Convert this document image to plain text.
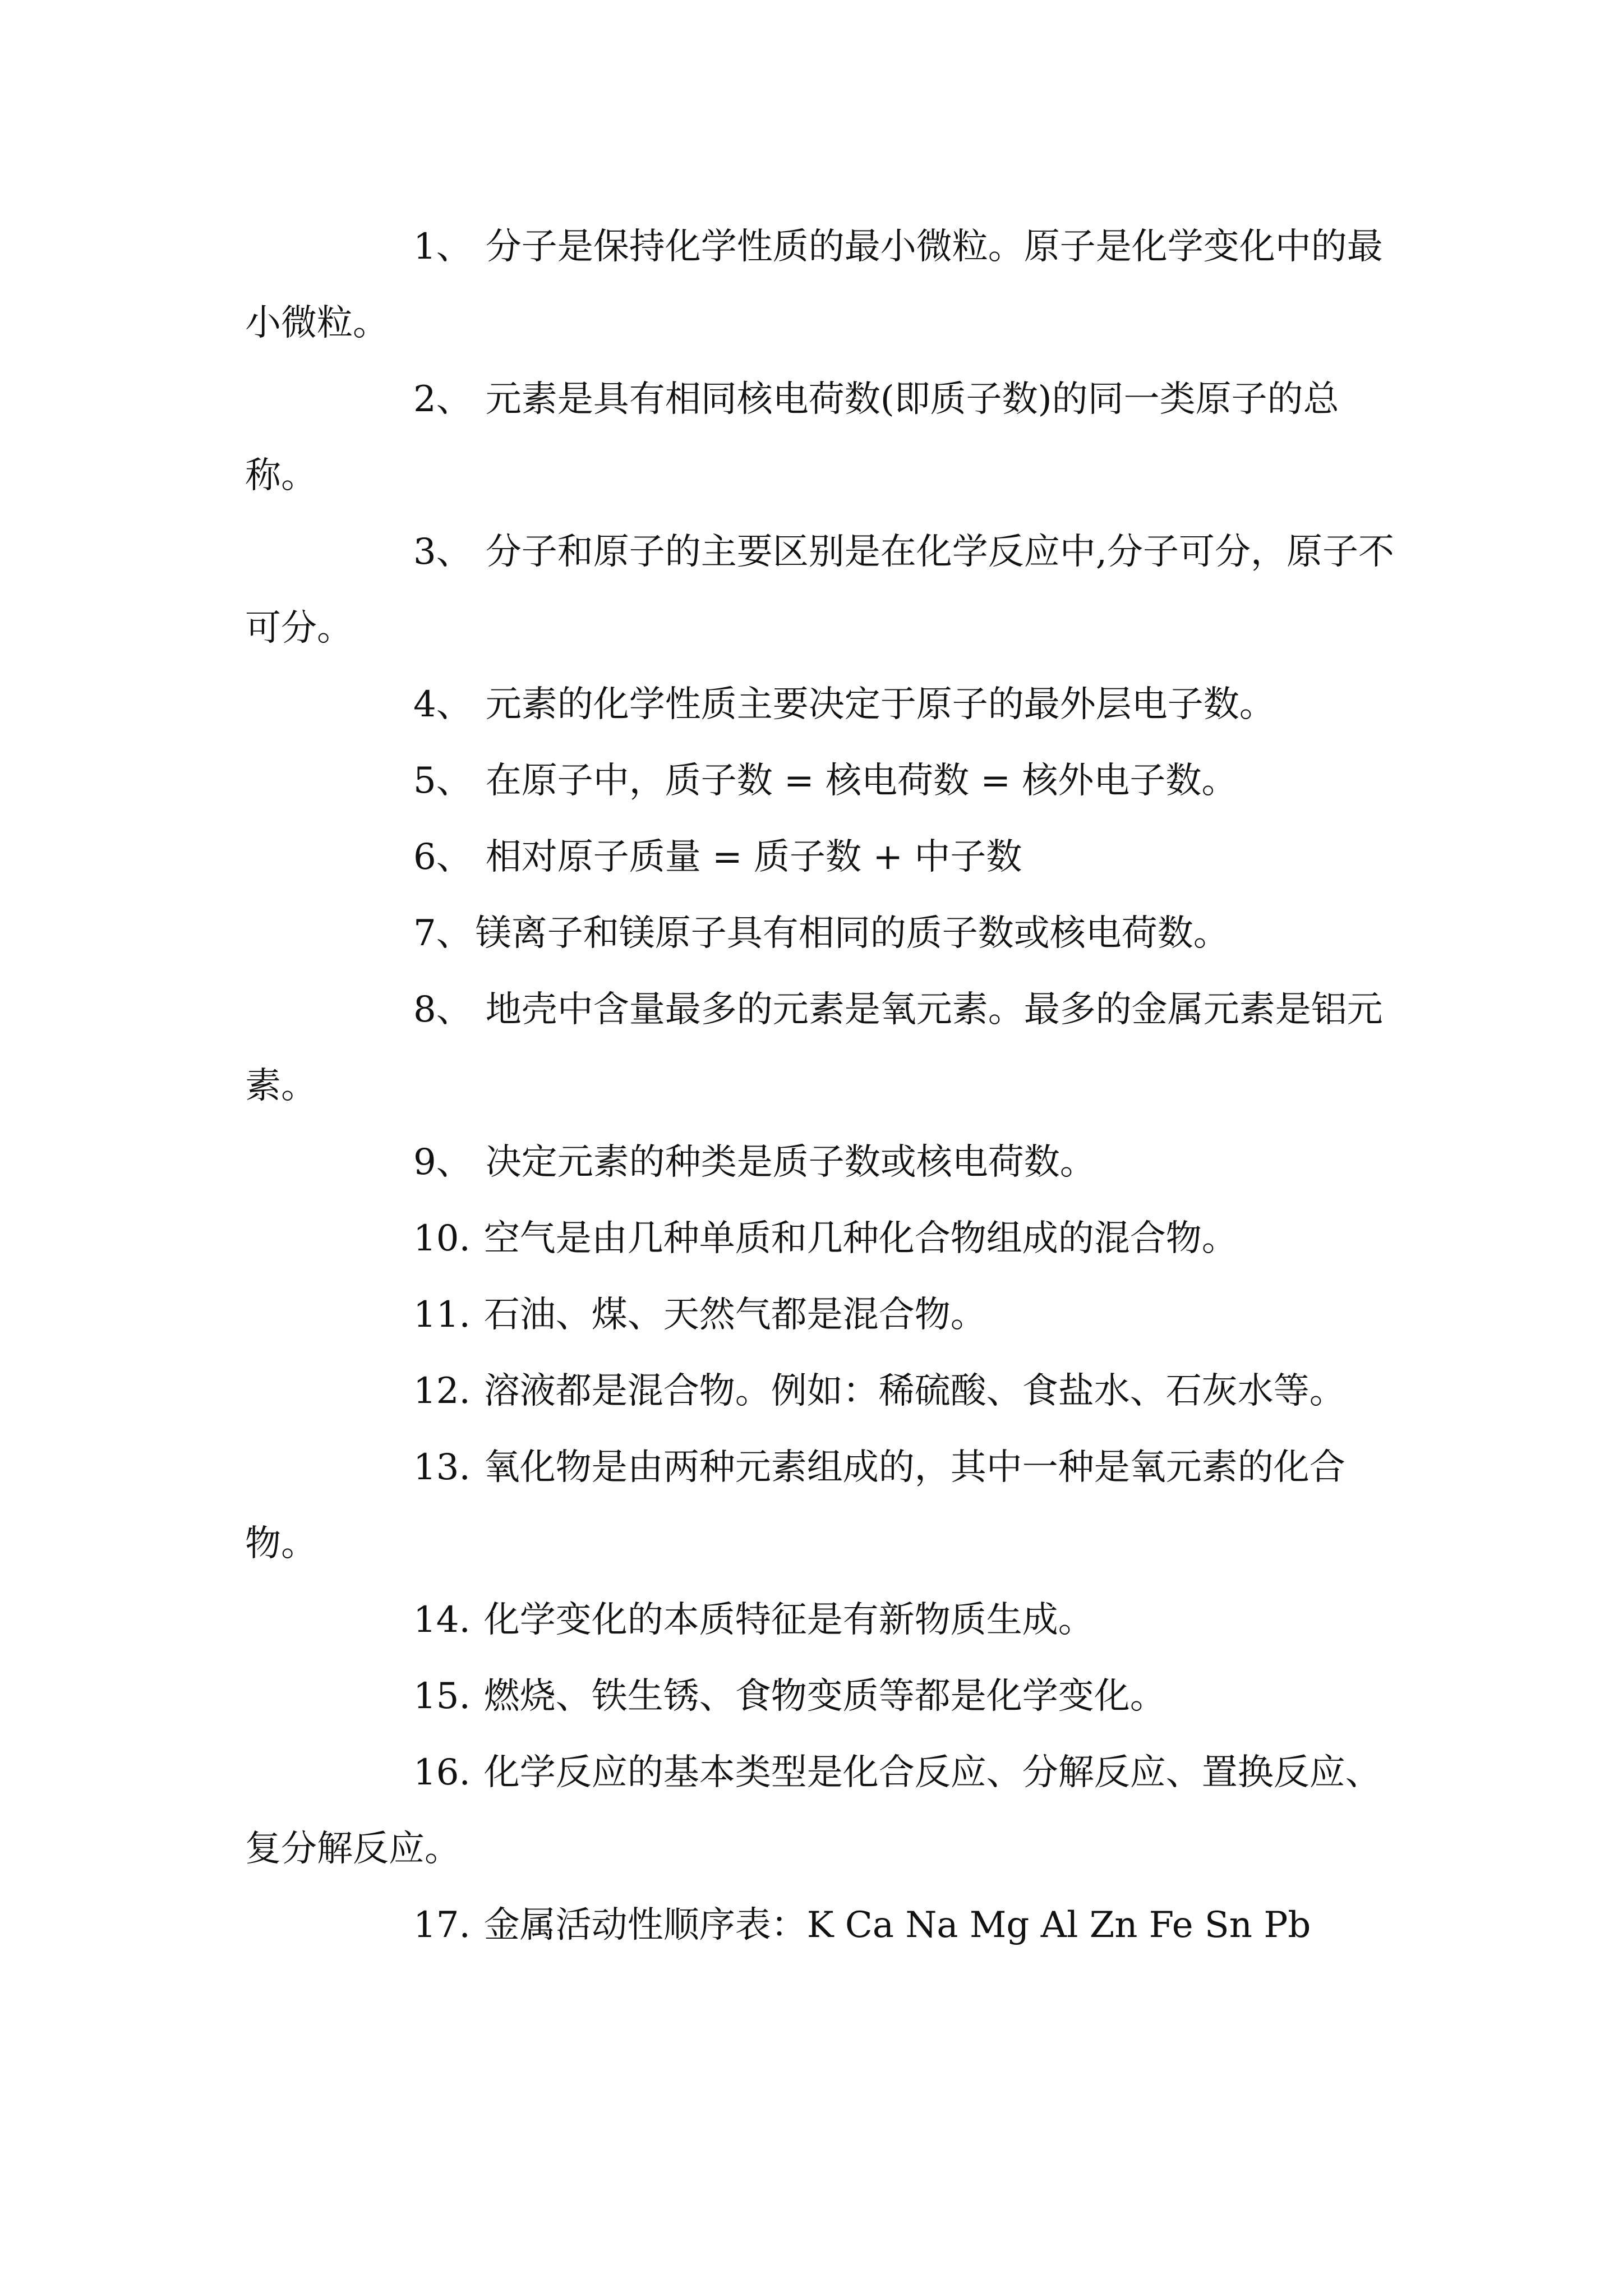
1、 分子是保持化学性质的最小微粒。原子是化学变化中的最小微粒。

2、 元素是具有相同核电荷数(即质子数)的同一类原子的总称。

3、 分子和原子的主要区别是在化学反应中,分子可分，原子不可分。

4、 元素的化学性质主要决定于原子的最外层电子数。

5、 在原子中，质子数 = 核电荷数 = 核外电子数。

6、 相对原子质量 = 质子数 + 中子数

7、镁离子和镁原子具有相同的质子数或核电荷数。

8、 地壳中含量最多的元素是氧元素。最多的金属元素是铝元素。

9、 决定元素的种类是质子数或核电荷数。

10. 空气是由几种单质和几种化合物组成的混合物。

11. 石油、煤、天然气都是混合物。

12. 溶液都是混合物。例如：稀硫酸、食盐水、石灰水等。

13. 氧化物是由两种元素组成的，其中一种是氧元素的化合物。

14. 化学变化的本质特征是有新物质生成。

15. 燃烧、铁生锈、食物变质等都是化学变化。

16. 化学反应的基本类型是化合反应、分解反应、置换反应、复分解反应。

17. 金属活动性顺序表：K Ca Na Mg Al Zn Fe Sn Pb
